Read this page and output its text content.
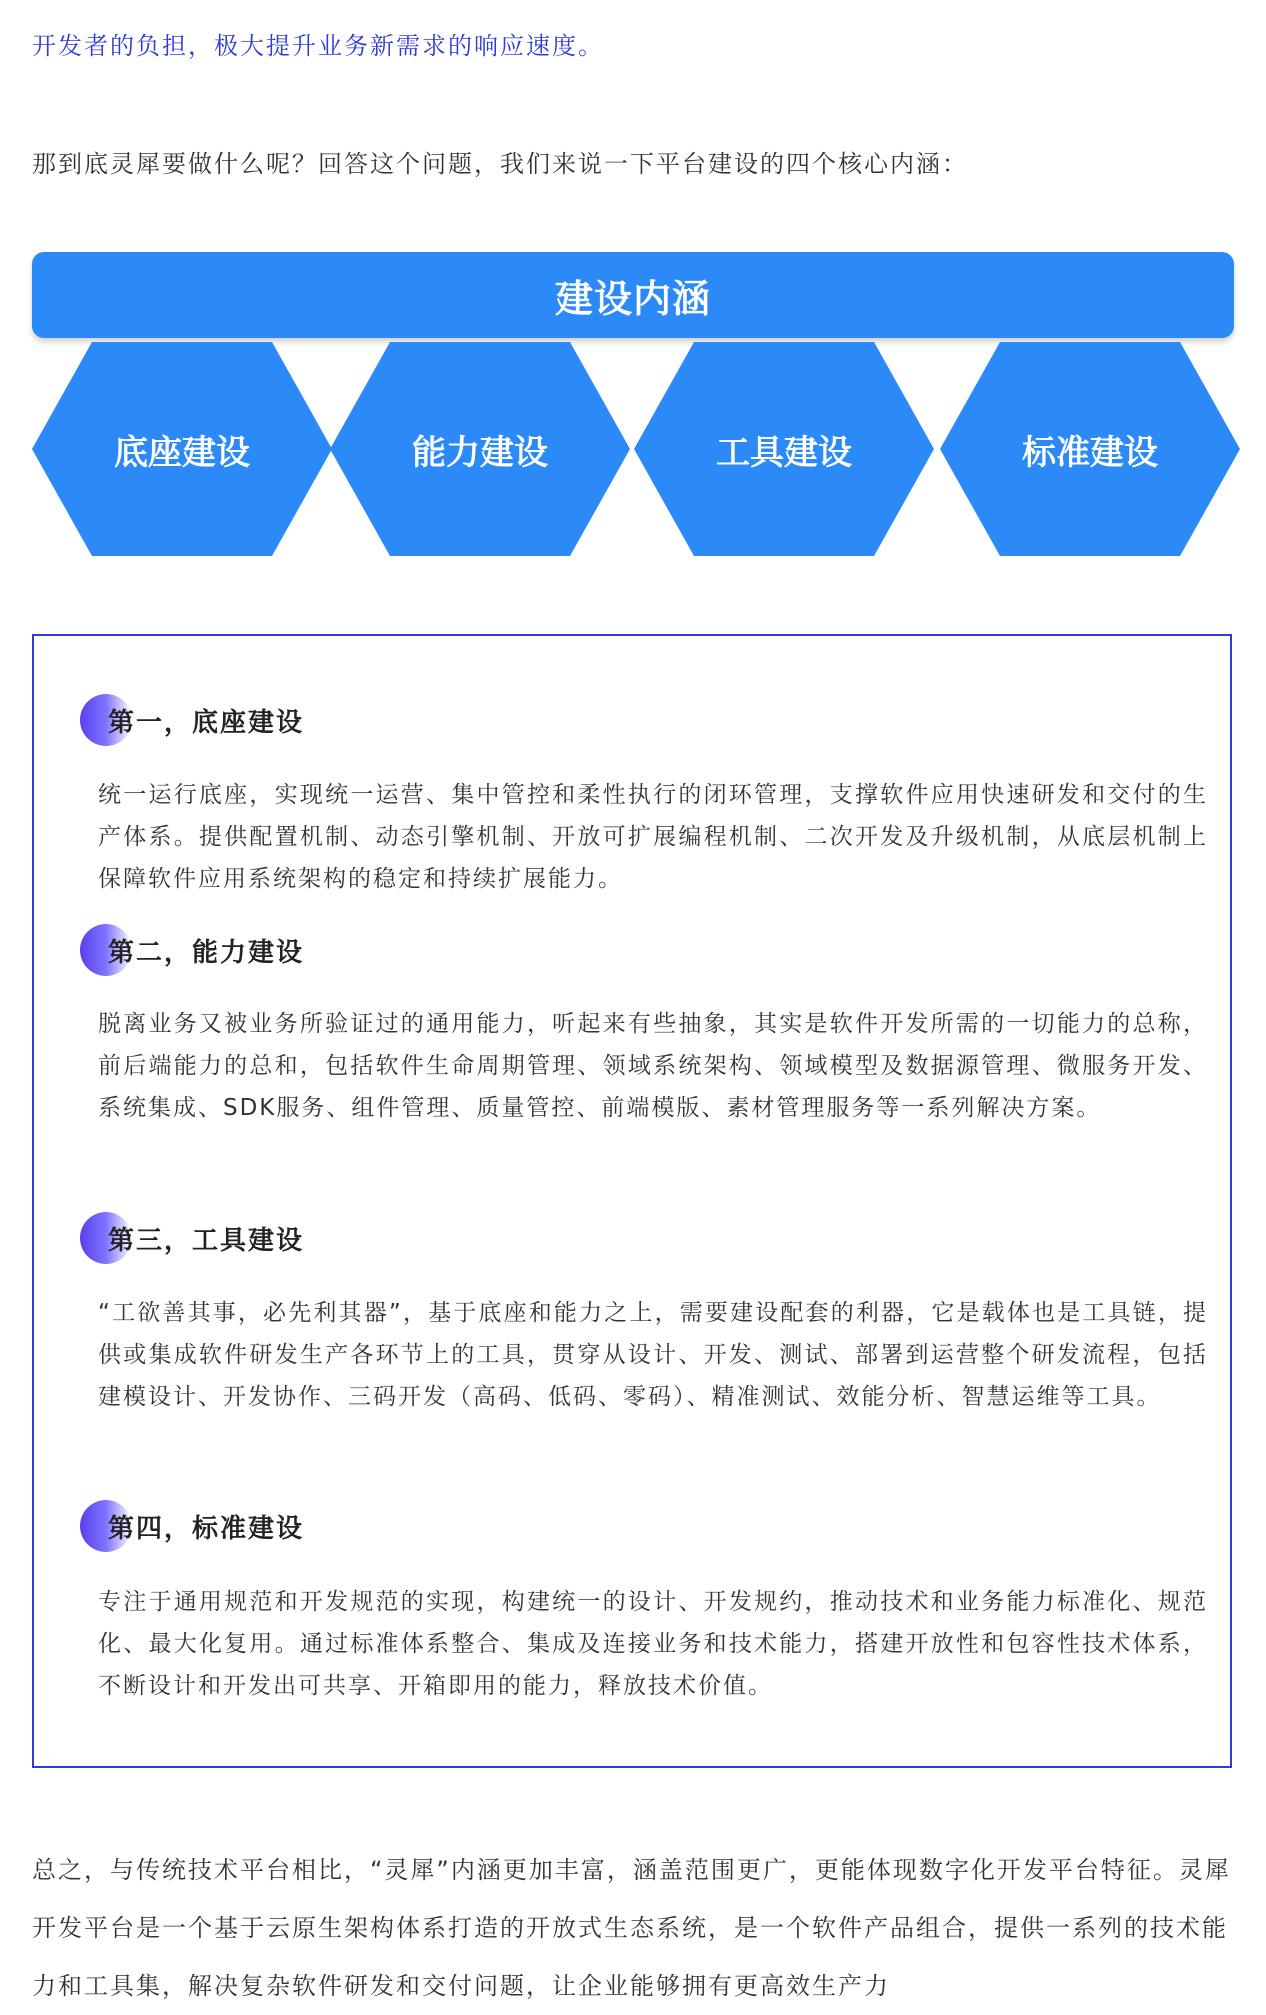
开发者的负担，极大提升业务新需求的响应速度。

那到底灵犀要做什么呢？回答这个问题，我们来说一下平台建设的四个核心内涵：

建设内涵
底座建设	能力建设	工具建设	标准建设
第一，底座建设

统一运行底座，实现统一运营、集中管控和柔性执行的闭环管理，支撑软件应用快速研发和交付的生产体系。提供配置机制、动态引擎机制、开放可扩展编程机制、二次开发及升级机制，从底层机制上保障软件应用系统架构的稳定和持续扩展能力。

第二，能力建设

脱离业务又被业务所验证过的通用能力，听起来有些抽象，其实是软件开发所需的一切能力的总称，前后端能力的总和，包括软件生命周期管理、领域系统架构、领域模型及数据源管理、微服务开发、系统集成、SDK服务、组件管理、质量管控、前端模版、素材管理服务等一系列解决方案。

第三，工具建设

“工欲善其事，必先利其器”，基于底座和能力之上，需要建设配套的利器，它是载体也是工具链，提供或集成软件研发生产各环节上的工具，贯穿从设计、开发、测试、部署到运营整个研发流程，包括建模设计、开发协作、三码开发（高码、低码、零码）、精准测试、效能分析、智慧运维等工具。

第四，标准建设

专注于通用规范和开发规范的实现，构建统一的设计、开发规约，推动技术和业务能力标准化、规范化、最大化复用。通过标准体系整合、集成及连接业务和技术能力，搭建开放性和包容性技术体系，不断设计和开发出可共享、开箱即用的能力，释放技术价值。

总之，与传统技术平台相比，“灵犀”内涵更加丰富，涵盖范围更广，更能体现数字化开发平台特征。灵犀开发平台是一个基于云原生架构体系打造的开放式生态系统，是一个软件产品组合，提供一系列的技术能力和工具集，解决复杂软件研发和交付问题，让企业能够拥有更高效生产力
